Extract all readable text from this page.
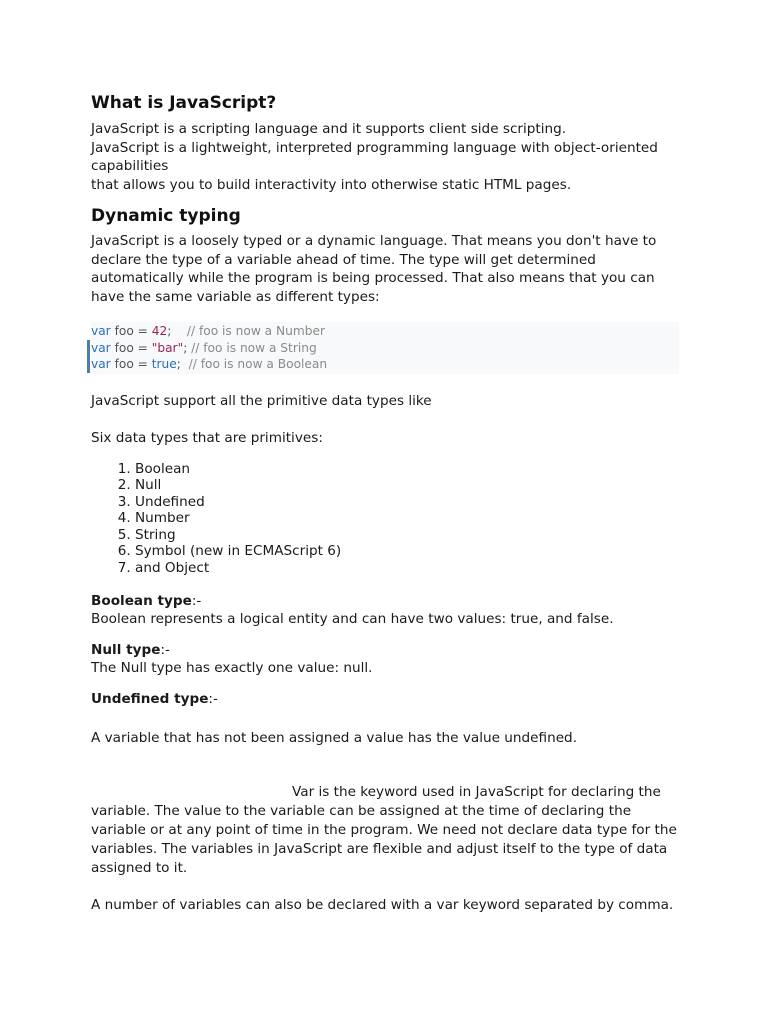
What is JavaScript?

JavaScript is a scripting language and it supports client side scripting.

JavaScript is a lightweight, interpreted programming language with object-oriented capabilities

that allows you to build interactivity into otherwise static HTML pages.

Dynamic typing

JavaScript is a loosely typed or a dynamic language. That means you don't have to declare the type of a variable ahead of time. The type will get determined automatically while the program is being processed. That also means that you can have the same variable as different types:

var foo = 42;    // foo is now a Number
var foo = "bar"; // foo is now a String
var foo = true;  // foo is now a Boolean

JavaScript support all the primitive data types like

Six data types that are primitives:

1. Boolean
2. Null
3. Undefined
4. Number
5. String
6. Symbol (new in ECMAScript 6)
7. and Object
Boolean type:-

Boolean represents a logical entity and can have two values: true, and false.

Null type:-

The Null type has exactly one value: null.

Undefined type:-

A variable that has not been assigned a value has the value undefined.

Var is the keyword used in JavaScript for declaring the variable. The value to the variable can be assigned at the time of declaring the variable or at any point of time in the program. We need not declare data type for the variables. The variables in JavaScript are flexible and adjust itself to the type of data assigned to it.

A number of variables can also be declared with a var keyword separated by comma.
